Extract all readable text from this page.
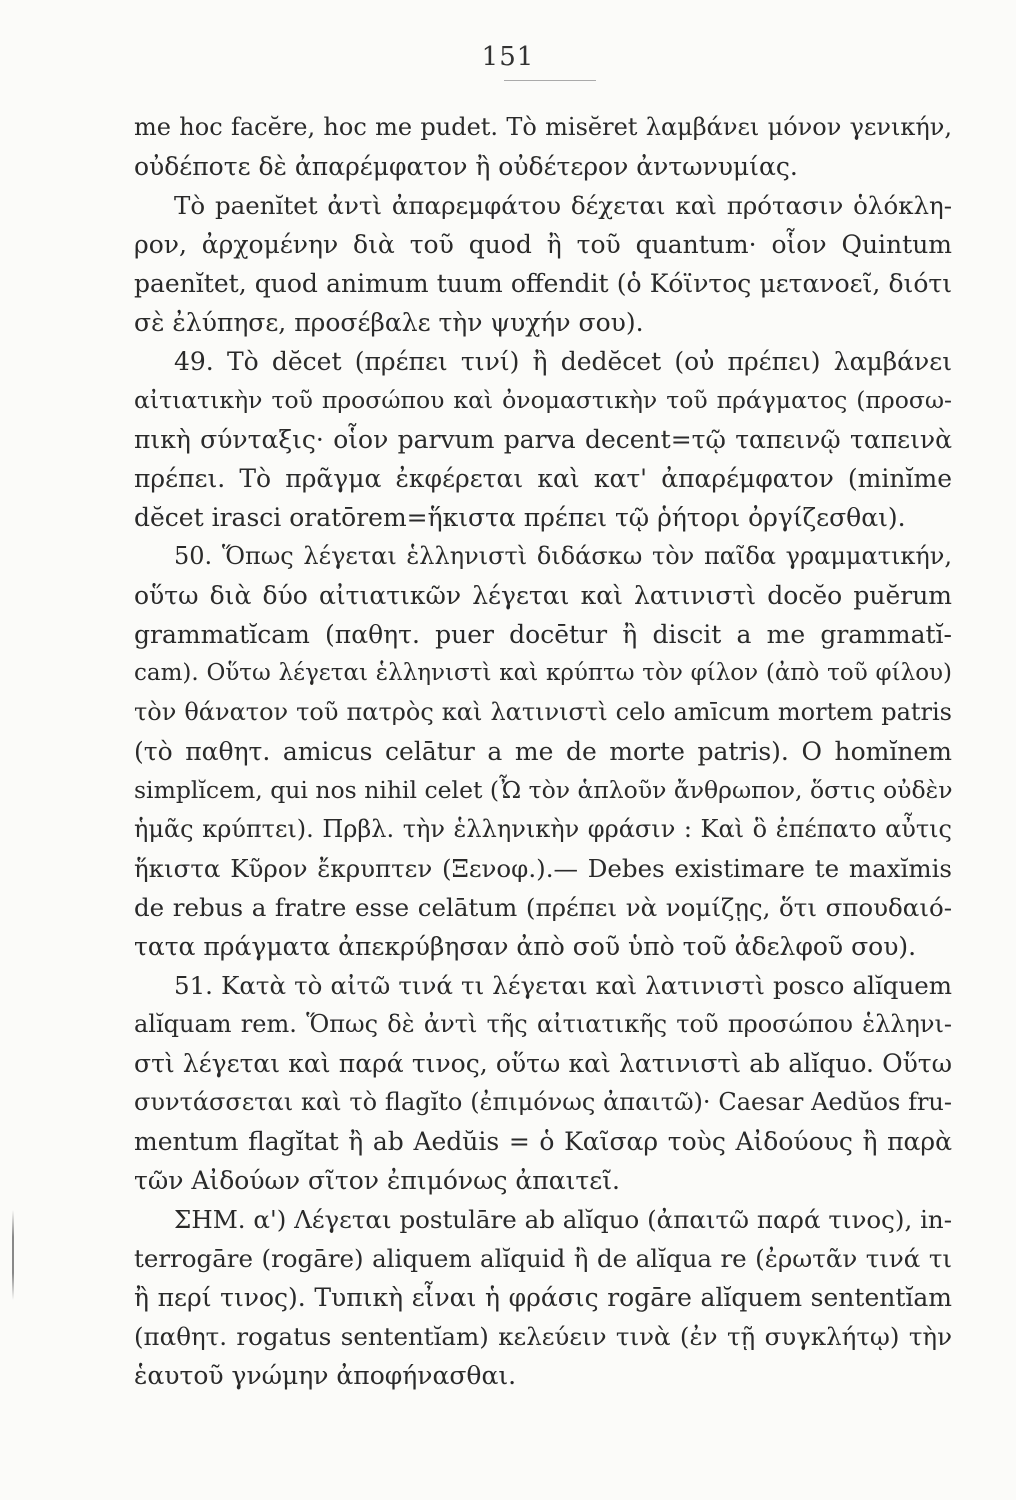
151
me hoc facĕre, hoc me pudet. Τὸ misĕret λαμβάνει μόνον γενικήν,
οὐδέποτε δὲ ἀπαρέμφατον ἢ οὐδέτερον ἀντωνυμίας.
Τὸ paenĭtet ἀντὶ ἀπαρεμφάτου δέχεται καὶ πρότασιν ὁλόκλη-
ρον, ἀρχομένην διὰ τοῦ quod ἢ τοῦ quantum· οἷον Quintum
paenĭtet, quod animum tuum offendit (ὁ Κόϊντος μετανοεῖ, διότι
σὲ ἐλύπησε, προσέβαλε τὴν ψυχήν σου).
49. Τὸ dĕcet (πρέπει τινί) ἢ dedĕcet (οὐ πρέπει) λαμβάνει
αἰτιατικὴν τοῦ προσώπου καὶ ὀνομαστικὴν τοῦ πράγματος (προσω-
πικὴ σύνταξις· οἷον parvum parva decent=τῷ ταπεινῷ ταπεινὰ
πρέπει. Τὸ πρᾶγμα ἐκφέρεται καὶ κατ' ἀπαρέμφατον (minĭme
dĕcet irasci oratōrem=ἥκιστα πρέπει τῷ ῥήτορι ὀργίζεσθαι).
50. Ὅπως λέγεται ἑλληνιστὶ διδάσκω τὸν παῖδα γραμματικήν,
οὕτω διὰ δύο αἰτιατικῶν λέγεται καὶ λατινιστὶ docĕo puĕrum
grammatĭcam (παθητ. puer docētur ἢ discit a me grammatĭ-
cam). Οὕτω λέγεται ἑλληνιστὶ καὶ κρύπτω τὸν φίλον (ἀπὸ τοῦ φίλου)
τὸν θάνατον τοῦ πατρὸς καὶ λατινιστὶ celo amīcum mortem patris
(τὸ παθητ. amicus celātur a me de morte patris). O homĭnem
simplĭcem, qui nos nihil celet (Ὦ τὸν ἁπλοῦν ἄνθρωπον, ὅστις οὐδὲν
ἡμᾶς κρύπτει). Πρβλ. τὴν ἑλληνικὴν φράσιν : Καὶ ὃ ἐπέπατο αὖτις
ἥκιστα Κῦρον ἔκρυπτεν (Ξενοφ.).— Debes existimare te maxĭmis
de rebus a fratre esse celātum (πρέπει νὰ νομίζῃς, ὅτι σπουδαιό-
τατα πράγματα ἀπεκρύβησαν ἀπὸ σοῦ ὑπὸ τοῦ ἀδελφοῦ σου).
51. Κατὰ τὸ αἰτῶ τινά τι λέγεται καὶ λατινιστὶ posco alĭquem
alĭquam rem. Ὅπως δὲ ἀντὶ τῆς αἰτιατικῆς τοῦ προσώπου ἑλληνι-
στὶ λέγεται καὶ παρά τινος, οὕτω καὶ λατινιστὶ ab alĭquo. Οὕτω
συντάσσεται καὶ τὸ flagĭto (ἐπιμόνως ἀπαιτῶ)· Caesar Aedŭos fru-
mentum flagĭtat ἢ ab Aedŭis = ὁ Καῖσαρ τοὺς Αἰδούους ἢ παρὰ
τῶν Αἰδούων σῖτον ἐπιμόνως ἀπαιτεῖ.
ΣΗΜ. α') Λέγεται postulāre ab alĭquo (ἀπαιτῶ παρά τινος), in-
terrogāre (rogāre) aliquem alĭquid ἢ de alĭqua re (ἐρωτᾶν τινά τι
ἢ περί τινος). Τυπικὴ εἶναι ἡ φράσις rogāre alĭquem sententĭam
(παθητ. rogatus sententĭam) κελεύειν τινὰ (ἐν τῇ συγκλήτῳ) τὴν
ἑαυτοῦ γνώμην ἀποφήνασθαι.
